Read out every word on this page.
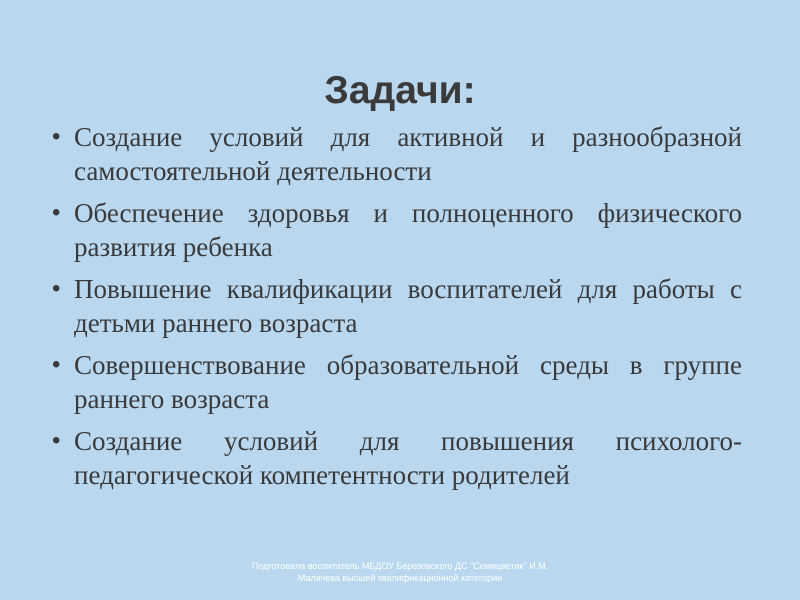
Задачи:
• Создание условий для активной и разнообразной самостоятельной деятельности
• Обеспечение здоровья и полноценного физического развития ребенка
• Повышение квалификации воспитателей для работы с детьми раннего возраста
• Совершенствование образовательной среды в группе раннего возраста
• Создание условий для повышения психолого-педагогической компетентности родителей
Подготовила воспитатель МБДОУ Березовского ДС "Семицветик" И.М. Малачева высшей квалификационной категории
